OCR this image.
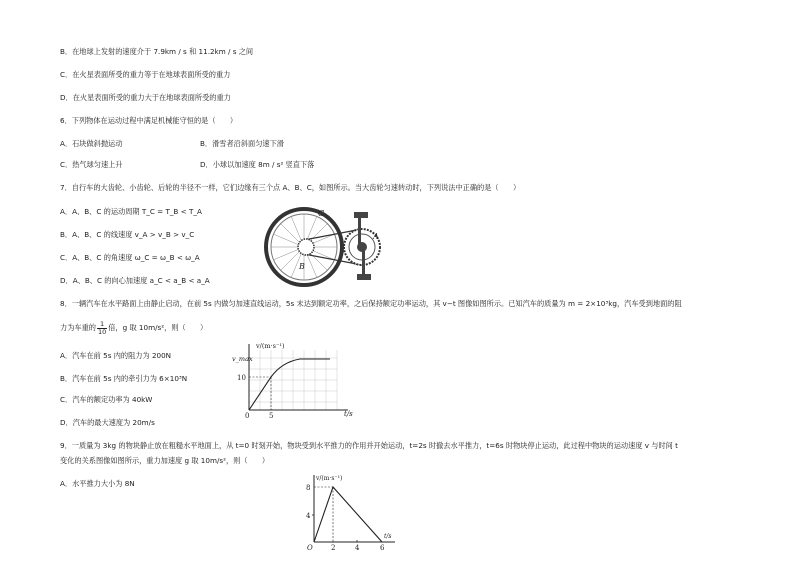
B．在地球上发射的速度介于 7.9km / s 和 11.2km / s 之间
C．在火星表面所受的重力等于在地球表面所受的重力
D．在火星表面所受的重力大于在地球表面所受的重力
6．下列物体在运动过程中满足机械能守恒的是（　　）
A．石块做斜抛运动	B．滑雪者沿斜面匀速下滑
C．热气球匀速上升	D．小球以加速度 8m / s² 竖直下落
7．自行车的大齿轮、小齿轮、后轮的半径不一样，它们边缘有三个点 A、B、C，如图所示。当大齿轮匀速转动时，下列说法中正确的是（　　）
A．A、B、C 的运动周期 T_C = T_B < T_A
B．A、B、C 的线速度 v_A > v_B > v_C
C．A、B、C 的角速度 ω_C = ω_B < ω_A
D．A、B、C 的向心加速度 a_C < a_B < a_A
C
A
B
8．一辆汽车在水平路面上由静止启动，在前 5s 内做匀加速直线运动，5s 末达到额定功率，之后保持额定功率运动，其 v−t 图像如图所示。已知汽车的质量为 m = 2×10³kg，汽车受到地面的阻
力为车重的 $\frac{1}{10}$ 倍，g 取 10m/s²，则（　　）
A．汽车在前 5s 内的阻力为 200N
B．汽车在前 5s 内的牵引力为 6×10³N
C．汽车的额定功率为 40kW
D．汽车的最大速度为 20m/s
v/(m·s⁻¹)
v_max
10
0	5	t/s
9．一质量为 3kg 的物块静止放在粗糙水平地面上，从 t=0 时刻开始，物块受到水平推力的作用并开始运动，t=2s 时撤去水平推力，t=6s 时物块停止运动，此过程中物块的运动速度 v 与时间 t
变化的关系图像如图所示，重力加速度 g 取 10m/s²，则（　　）
A．水平推力大小为 8N
v/(m·s⁻¹)
8
4
O	2	4	6
t/s
